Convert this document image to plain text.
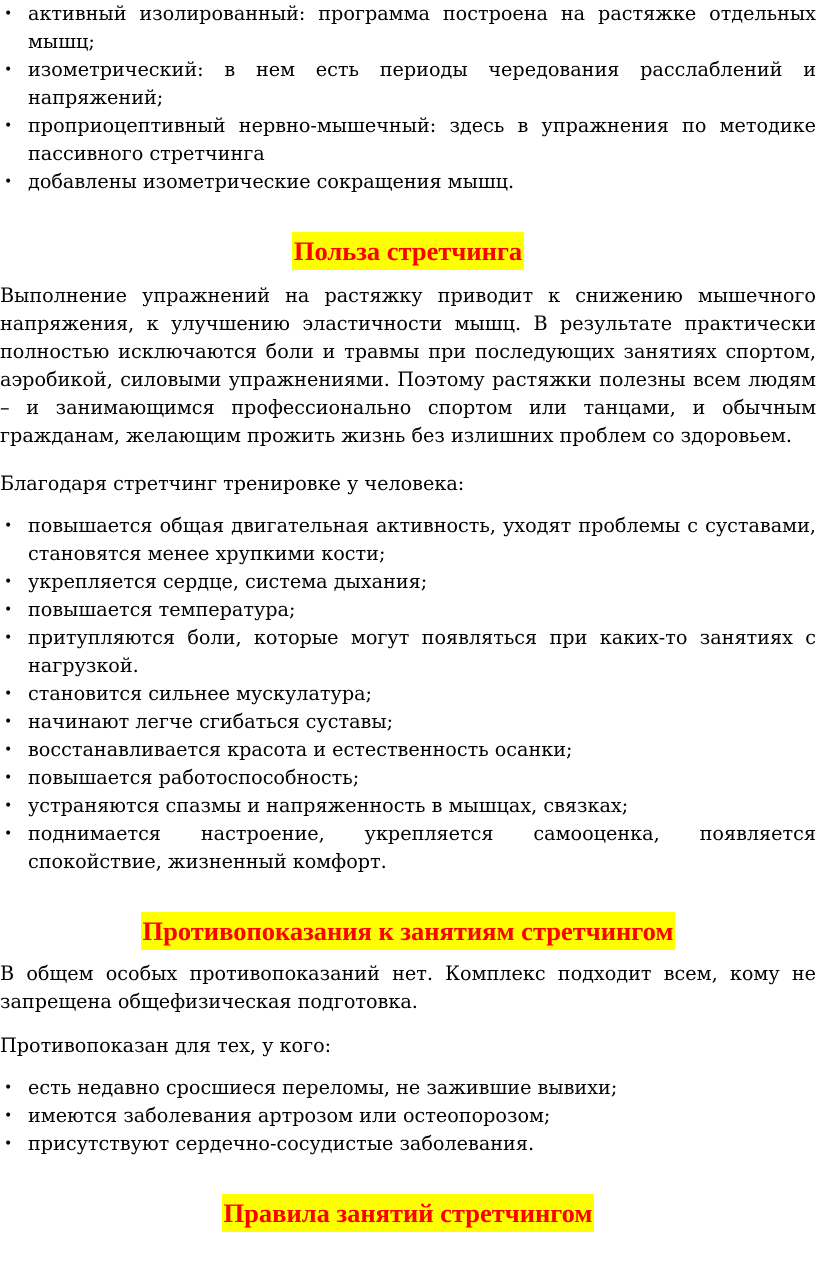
• активный изолированный: программа построена на растяжке отдельных мышц;
• изометрический: в нем есть периоды чередования расслаблений и напряжений;
• проприоцептивный нервно-мышечный: здесь в упражнения по методике пассивного стретчинга
• добавлены изометрические сокращения мышц.
Польза стретчинга

Выполнение упражнений на растяжку приводит к снижению мышечного напряжения, к улучшению эластичности мышц. В результате практически полностью исключаются боли и травмы при последующих занятиях спортом, аэробикой, силовыми упражнениями. Поэтому растяжки полезны всем людям – и занимающимся профессионально спортом или танцами, и обычным гражданам, желающим прожить жизнь без излишних проблем со здоровьем.

Благодаря стретчинг тренировке у человека:

• повышается общая двигательная активность, уходят проблемы с суставами, становятся менее хрупкими кости;
• укрепляется сердце, система дыхания;
• повышается температура;
• притупляются боли, которые могут появляться при каких-то занятиях с нагрузкой.
• становится сильнее мускулатура;
• начинают легче сгибаться суставы;
• восстанавливается красота и естественность осанки;
• повышается работоспособность;
• устраняются спазмы и напряженность в мышцах, связках;
• поднимается настроение, укрепляется самооценка, появляется спокойствие, жизненный комфорт.
Противопоказания к занятиям стретчингом

В общем особых противопоказаний нет. Комплекс подходит всем, кому не запрещена общефизическая подготовка.

Противопоказан для тех, у кого:

• есть недавно сросшиеся переломы, не зажившие вывихи;
• имеются заболевания артрозом или остеопорозом;
• присутствуют сердечно-сосудистые заболевания.
Правила занятий стретчингом
